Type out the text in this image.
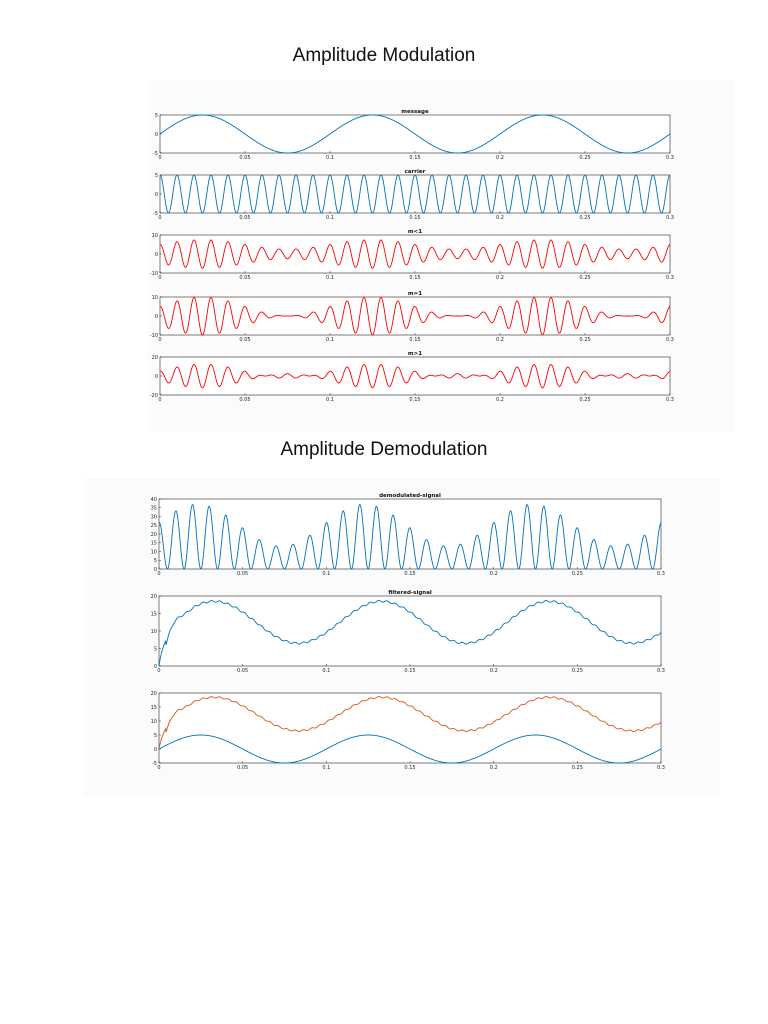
Amplitude Modulation
message
0	0.05	0.1	0.15	0.2	0.25	0.3
-5
0
5
carrier
0	0.05	0.1	0.15	0.2	0.25	0.3
-5
0
5
m<1
0	0.05	0.1	0.15	0.2	0.25	0.3
-10
0
10
m=1
0	0.05	0.1	0.15	0.2	0.25	0.3
-10
0
10
m>1
0	0.05	0.1	0.15	0.2	0.25	0.3
-20
0
20
Amplitude Demodulation
demodulated-signal
0	0.05	0.1	0.15	0.2	0.25	0.3
0
5
10
15
20
25
30
35
40
filtered-signal
0	0.05	0.1	0.15	0.2	0.25	0.3
0
5
10
15
20
0	0.05	0.1	0.15	0.2	0.25	0.3
-5
0
5
10
15
20
